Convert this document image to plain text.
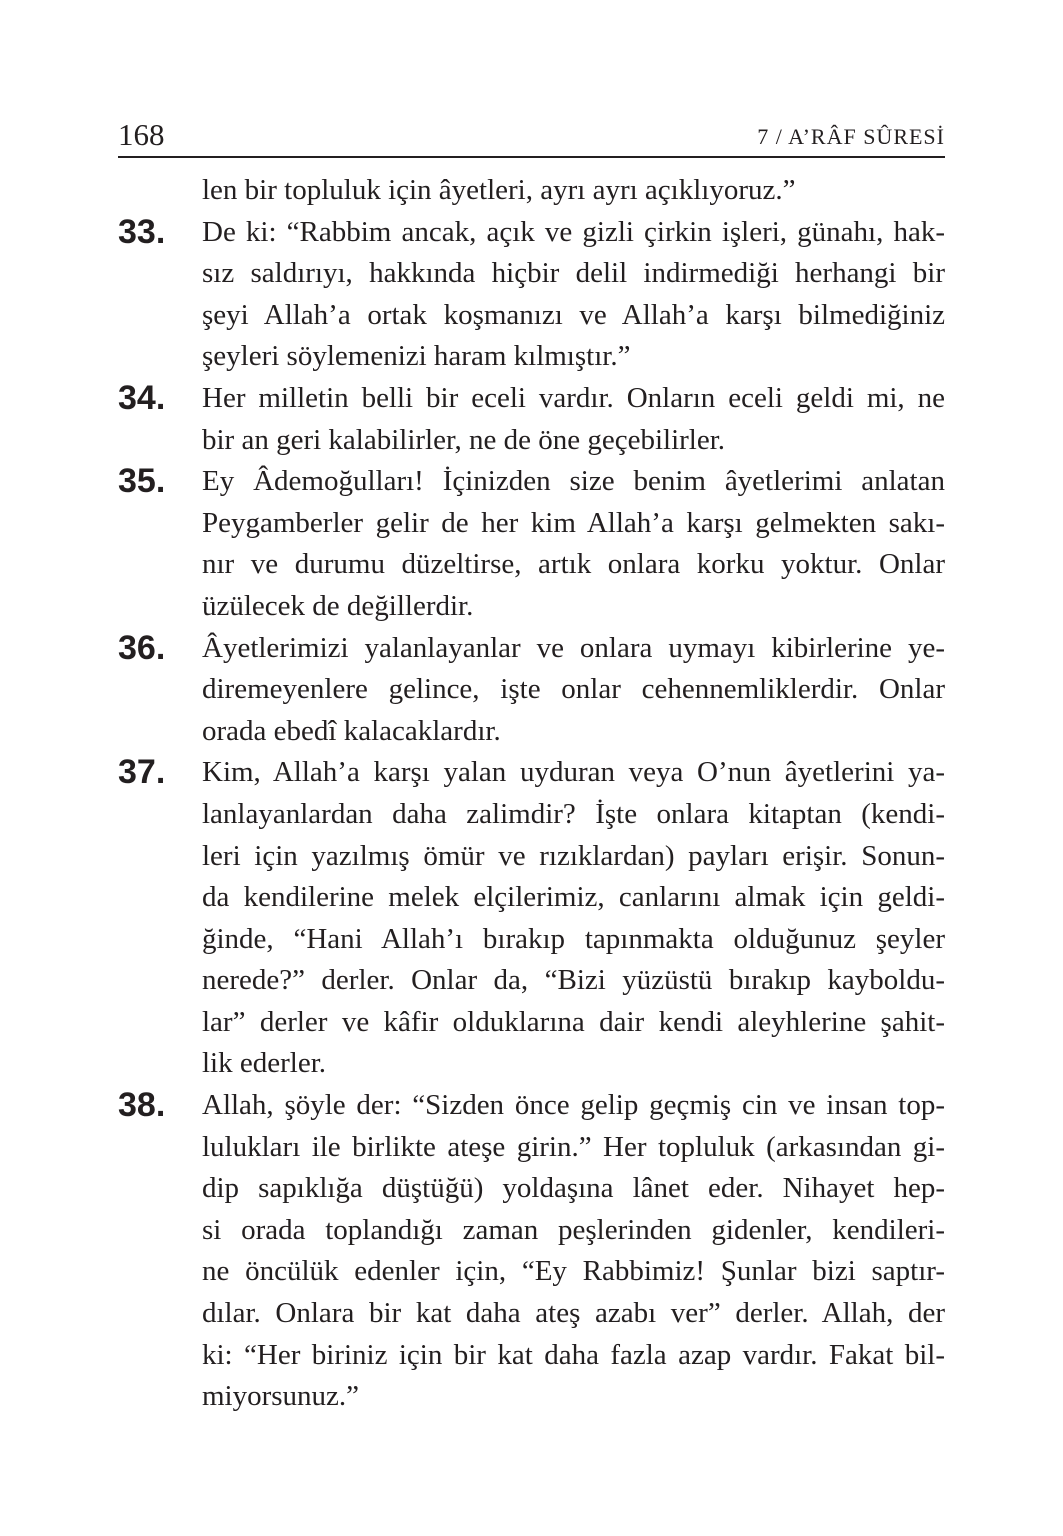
168	7 / A’RÂF SÛRESİ
len bir topluluk için âyetleri, ayrı ayrı açıklıyoruz.”
33. De ki: “Rabbim ancak, açık ve gizli çirkin işleri, günahı, hak-
sız saldırıyı, hakkında hiçbir delil indirmediği herhangi bir
şeyi Allah’a ortak koşmanızı ve Allah’a karşı bilmediğiniz
şeyleri söylemenizi haram kılmıştır.”
34. Her milletin belli bir eceli vardır. Onların eceli geldi mi, ne
bir an geri kalabilirler, ne de öne geçebilirler.
35. Ey Âdemoğulları! İçinizden size benim âyetlerimi anlatan
Peygamberler gelir de her kim Allah’a karşı gelmekten sakı-
nır ve durumu düzeltirse, artık onlara korku yoktur. Onlar
üzülecek de değillerdir.
36. Âyetlerimizi yalanlayanlar ve onlara uymayı kibirlerine ye-
diremeyenlere gelince, işte onlar cehennemliklerdir. Onlar
orada ebedî kalacaklardır.
37. Kim, Allah’a karşı yalan uyduran veya O’nun âyetlerini ya-
lanlayanlardan daha zalimdir? İşte onlara kitaptan (kendi-
leri için yazılmış ömür ve rızıklardan) payları erişir. Sonun-
da kendilerine melek elçilerimiz, canlarını almak için geldi-
ğinde, “Hani Allah’ı bırakıp tapınmakta olduğunuz şeyler
nerede?” derler. Onlar da, “Bizi yüzüstü bırakıp kayboldu-
lar” derler ve kâfir olduklarına dair kendi aleyhlerine şahit-
lik ederler.
38. Allah, şöyle der: “Sizden önce gelip geçmiş cin ve insan top-
lulukları ile birlikte ateşe girin.” Her topluluk (arkasından gi-
dip sapıklığa düştüğü) yoldaşına lânet eder. Nihayet hep-
si orada toplandığı zaman peşlerinden gidenler, kendileri-
ne öncülük edenler için, “Ey Rabbimiz! Şunlar bizi saptır-
dılar. Onlara bir kat daha ateş azabı ver” derler. Allah, der
ki: “Her biriniz için bir kat daha fazla azap vardır. Fakat bil-
miyorsunuz.”
